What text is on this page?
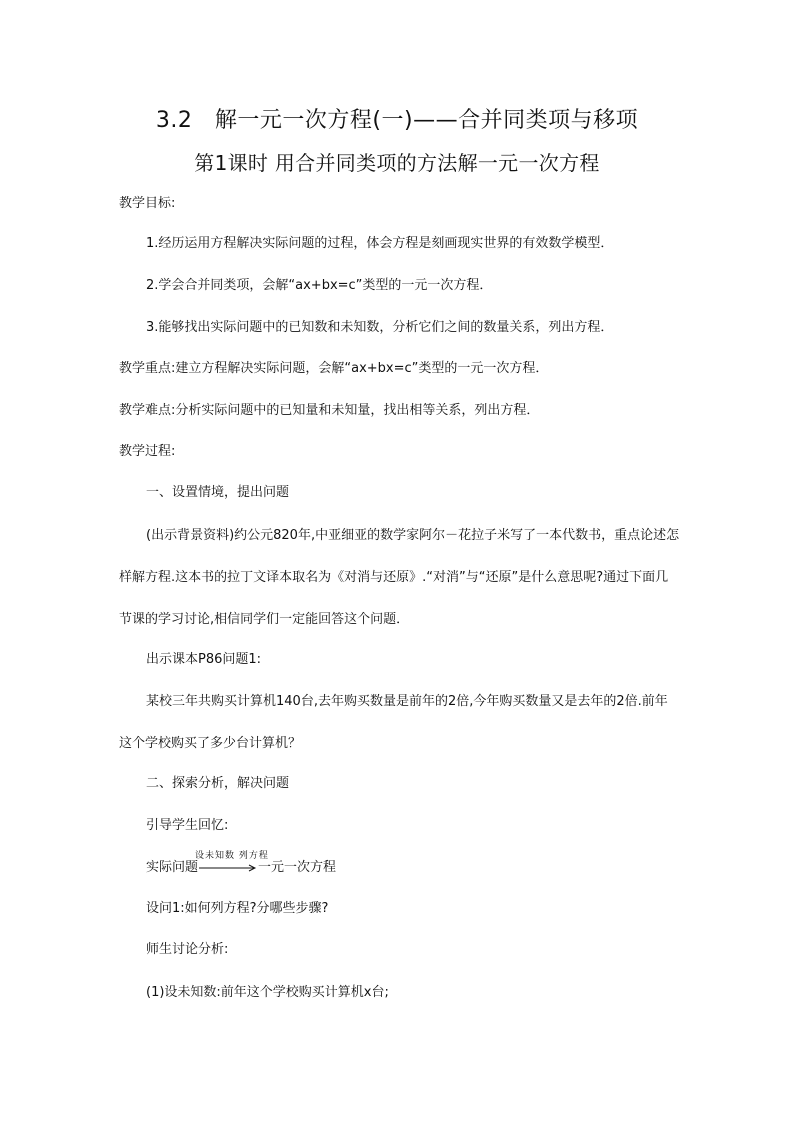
3.2　解一元一次方程(一)——合并同类项与移项
第1课时 用合并同类项的方法解一元一次方程
教学目标:
1.经历运用方程解决实际问题的过程，体会方程是刻画现实世界的有效数学模型．
2.学会合并同类项，会解“ax+bx=c”类型的一元一次方程．
3.能够找出实际问题中的已知数和未知数，分析它们之间的数量关系，列出方程．
教学重点:建立方程解决实际问题，会解“ax+bx=c”类型的一元一次方程．
教学难点:分析实际问题中的已知量和未知量，找出相等关系，列出方程．
教学过程:
一、设置情境，提出问题
(出示背景资料)约公元820年,中亚细亚的数学家阿尔－花拉子米写了一本代数书，重点论述怎
样解方程.这本书的拉丁文译本取名为《对消与还原》.“对消”与“还原”是什么意思呢?通过下面几
节课的学习讨论,相信同学们一定能回答这个问题．
出示课本P86问题1:
某校三年共购买计算机140台,去年购买数量是前年的2倍,今年购买数量又是去年的2倍.前年
这个学校购买了多少台计算机？
二、探索分析，解决问题
引导学生回忆:
实际问题
设未知数 列方程
一元一次方程
设问1:如何列方程?分哪些步骤?
师生讨论分析:
(1)设未知数:前年这个学校购买计算机x台;
